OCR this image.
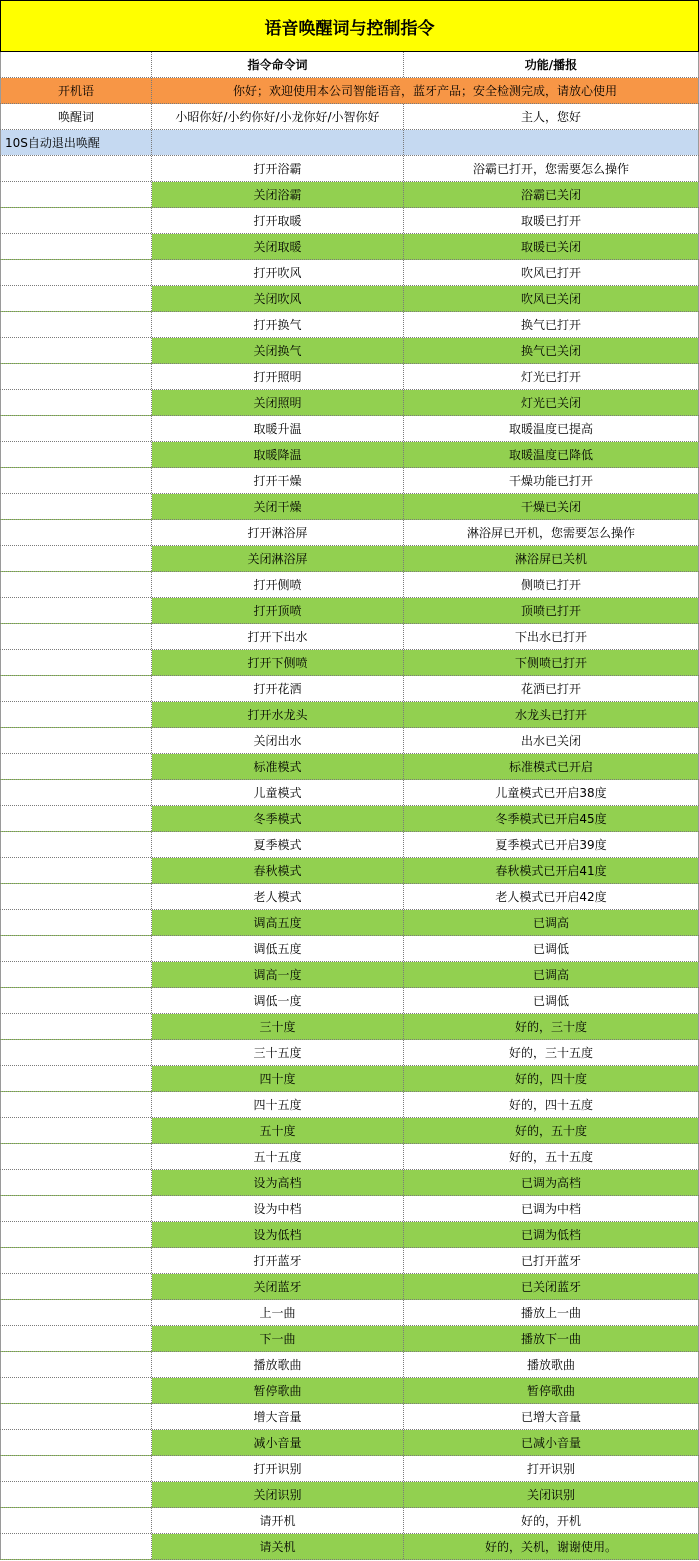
语音唤醒词与控制指令
指令命令词	功能/播报
开机语	你好；欢迎使用本公司智能语音，蓝牙产品；安全检测完成，请放心使用
唤醒词	小昭你好/小约你好/小龙你好/小智你好	主人，您好
10S自动退出唤醒
打开浴霸	浴霸已打开，您需要怎么操作
关闭浴霸	浴霸已关闭
打开取暖	取暖已打开
关闭取暖	取暖已关闭
打开吹风	吹风已打开
关闭吹风	吹风已关闭
打开换气	换气已打开
关闭换气	换气已关闭
打开照明	灯光已打开
关闭照明	灯光已关闭
取暖升温	取暖温度已提高
取暖降温	取暖温度已降低
打开干燥	干燥功能已打开
关闭干燥	干燥已关闭
打开淋浴屏	淋浴屏已开机，您需要怎么操作
关闭淋浴屏	淋浴屏已关机
打开侧喷	侧喷已打开
打开顶喷	顶喷已打开
打开下出水	下出水已打开
打开下侧喷	下侧喷已打开
打开花洒	花洒已打开
打开水龙头	水龙头已打开
关闭出水	出水已关闭
标准模式	标准模式已开启
儿童模式	儿童模式已开启38度
冬季模式	冬季模式已开启45度
夏季模式	夏季模式已开启39度
春秋模式	春秋模式已开启41度
老人模式	老人模式已开启42度
调高五度	已调高
调低五度	已调低
调高一度	已调高
调低一度	已调低
三十度	好的，三十度
三十五度	好的，三十五度
四十度	好的，四十度
四十五度	好的，四十五度
五十度	好的，五十度
五十五度	好的，五十五度
设为高档	已调为高档
设为中档	已调为中档
设为低档	已调为低档
打开蓝牙	已打开蓝牙
关闭蓝牙	已关闭蓝牙
上一曲	播放上一曲
下一曲	播放下一曲
播放歌曲	播放歌曲
暂停歌曲	暂停歌曲
增大音量	已增大音量
减小音量	已减小音量
打开识别	打开识别
关闭识别	关闭识别
请开机	好的，开机
请关机	好的，关机，谢谢使用。
